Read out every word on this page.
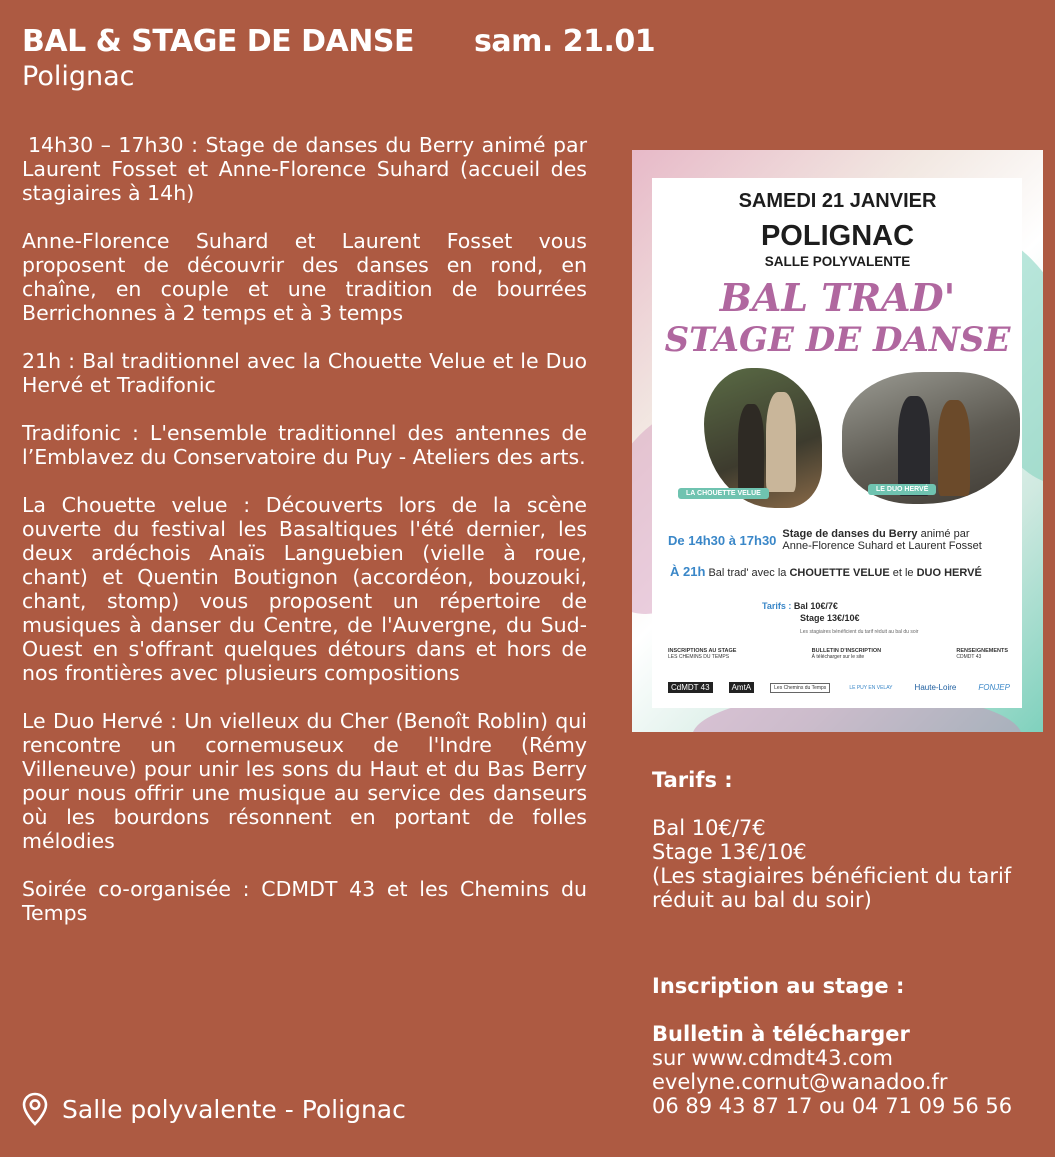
BAL & STAGE DE DANSE	sam. 21.01
Polignac

14h30 – 17h30 : Stage de danses du Berry animé par Laurent Fosset et Anne-Florence Suhard (accueil des stagiaires à 14h)

Anne-Florence Suhard et Laurent Fosset vous proposent de découvrir des danses en rond, en chaîne, en couple et une tradition de bourrées Berrichonnes à 2 temps et à 3 temps

21h : Bal traditionnel avec la Chouette Velue et le Duo Hervé et Tradifonic

Tradifonic : L'ensemble traditionnel des antennes de l’Emblavez du Conservatoire du Puy - Ateliers des arts.

La Chouette velue : Découverts lors de la scène ouverte du festival les Basaltiques l'été dernier, les deux ardéchois Anaïs Languebien (vielle à roue, chant) et Quentin Boutignon (accordéon, bouzouki, chant, stomp) vous proposent un répertoire de musiques à danser du Centre, de l'Auvergne, du Sud-Ouest en s'offrant quelques détours dans et hors de nos frontières avec plusieurs compositions

Le Duo Hervé : Un vielleux du Cher (Benoît Roblin) qui rencontre un cornemuseux de l'Indre (Rémy Villeneuve) pour unir les sons du Haut et du Bas Berry pour nous offrir une musique au service des danseurs où les bourdons résonnent en portant de folles mélodies

Soirée co-organisée : CDMDT 43 et les Chemins du Temps

Salle polyvalente - Polignac
SAMEDI 21 JANVIER
POLIGNAC
SALLE POLYVALENTE
BAL TRAD'
STAGE DE DANSE
LA CHOUETTE VELUE
LE DUO HERVÉ
De 14h30 à 17h30 Stage de danses du Berry animé par
Anne-Florence Suhard et Laurent Fosset
À 21h Bal trad' avec la CHOUETTE VELUE et le DUO HERVÉ
Tarifs : Bal 10€/7€
Stage 13€/10€
Les stagiaires bénéficient du tarif réduit au bal du soir
INSCRIPTIONS AU STAGE
LES CHEMINS DU TEMPS
BULLETIN D'INSCRIPTION
À télécharger sur le site
RENSEIGNEMENTS
CDMDT 43
CdMDT 43	AmtA	Les Chemins du Temps	LE PUY EN VELAY	Haute-Loire	FONJEP
Tarifs :
Bal 10€/7€
Stage 13€/10€
(Les stagiaires bénéficient du tarif réduit au bal du soir)
Inscription au stage :
Bulletin à télécharger
sur www.cdmdt43.com
evelyne.cornut@wanadoo.fr
06 89 43 87 17 ou 04 71 09 56 56
